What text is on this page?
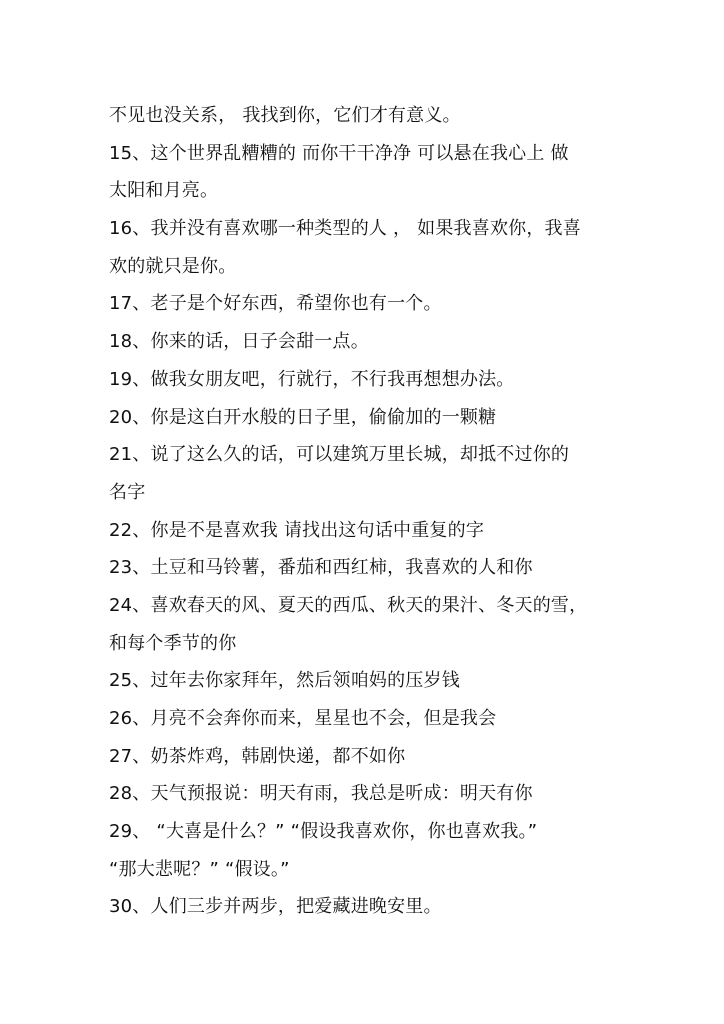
不见也没关系， 我找到你，它们才有意义。
15、这个世界乱糟糟的 而你干干净净 可以悬在我心上 做
太阳和月亮。
16、我并没有喜欢哪一种类型的人 ， 如果我喜欢你，我喜
欢的就只是你。
17、老子是个好东西，希望你也有一个。
18、你来的话，日子会甜一点。
19、做我女朋友吧，行就行，不行我再想想办法。
20、你是这白开水般的日子里，偷偷加的一颗糖
21、说了这么久的话，可以建筑万里长城，却抵不过你的
名字
22、你是不是喜欢我 请找出这句话中重复的字
23、土豆和马铃薯，番茄和西红柿，我喜欢的人和你
24、喜欢春天的风、夏天的西瓜、秋天的果汁、冬天的雪，
和每个季节的你
25、过年去你家拜年，然后领咱妈的压岁钱
26、月亮不会奔你而来，星星也不会，但是我会
27、奶茶炸鸡，韩剧快递，都不如你
28、天气预报说：明天有雨，我总是听成：明天有你
29、 “大喜是什么？” “假设我喜欢你，你也喜欢我。”
“那大悲呢？” “假设。”
30、人们三步并两步，把爱藏进晚安里。
